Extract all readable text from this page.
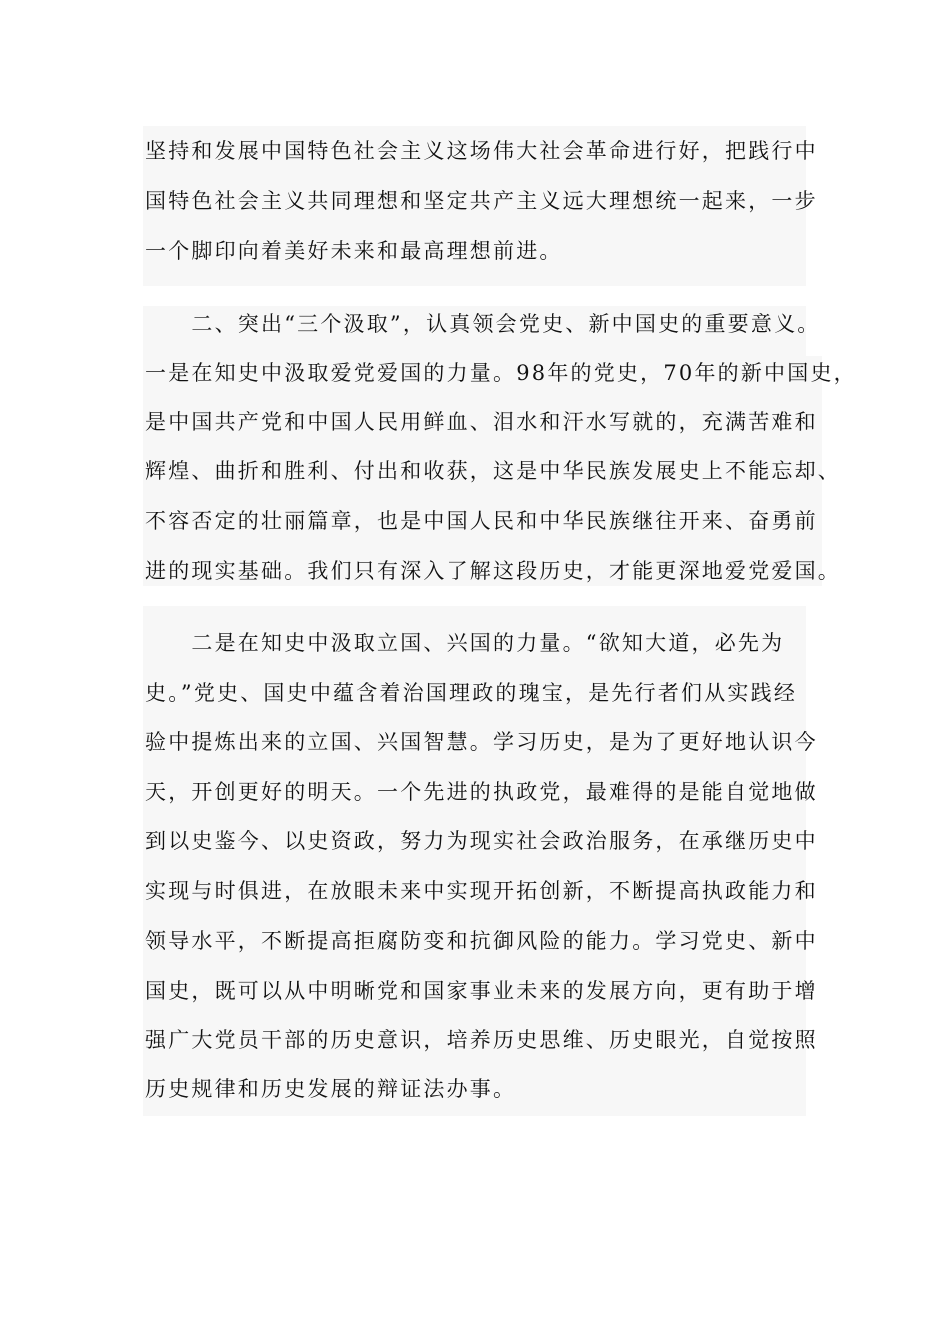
坚持和发展中国特色社会主义这场伟大社会革命进行好，把践行中
国特色社会主义共同理想和坚定共产主义远大理想统一起来，一步
一个脚印向着美好未来和最高理想前进。
　　二、突出“三个汲取”，认真领会党史、新中国史的重要意义。
一是在知史中汲取爱党爱国的力量。98年的党史，70年的新中国史，
是中国共产党和中国人民用鲜血、泪水和汗水写就的，充满苦难和
辉煌、曲折和胜利、付出和收获，这是中华民族发展史上不能忘却、
不容否定的壮丽篇章，也是中国人民和中华民族继往开来、奋勇前
进的现实基础。我们只有深入了解这段历史，才能更深地爱党爱国。
　　二是在知史中汲取立国、兴国的力量。“欲知大道，必先为
史。”党史、国史中蕴含着治国理政的瑰宝，是先行者们从实践经
验中提炼出来的立国、兴国智慧。学习历史，是为了更好地认识今
天，开创更好的明天。一个先进的执政党，最难得的是能自觉地做
到以史鉴今、以史资政，努力为现实社会政治服务，在承继历史中
实现与时俱进，在放眼未来中实现开拓创新，不断提高执政能力和
领导水平，不断提高拒腐防变和抗御风险的能力。学习党史、新中
国史，既可以从中明晰党和国家事业未来的发展方向，更有助于增
强广大党员干部的历史意识，培养历史思维、历史眼光，自觉按照
历史规律和历史发展的辩证法办事。
